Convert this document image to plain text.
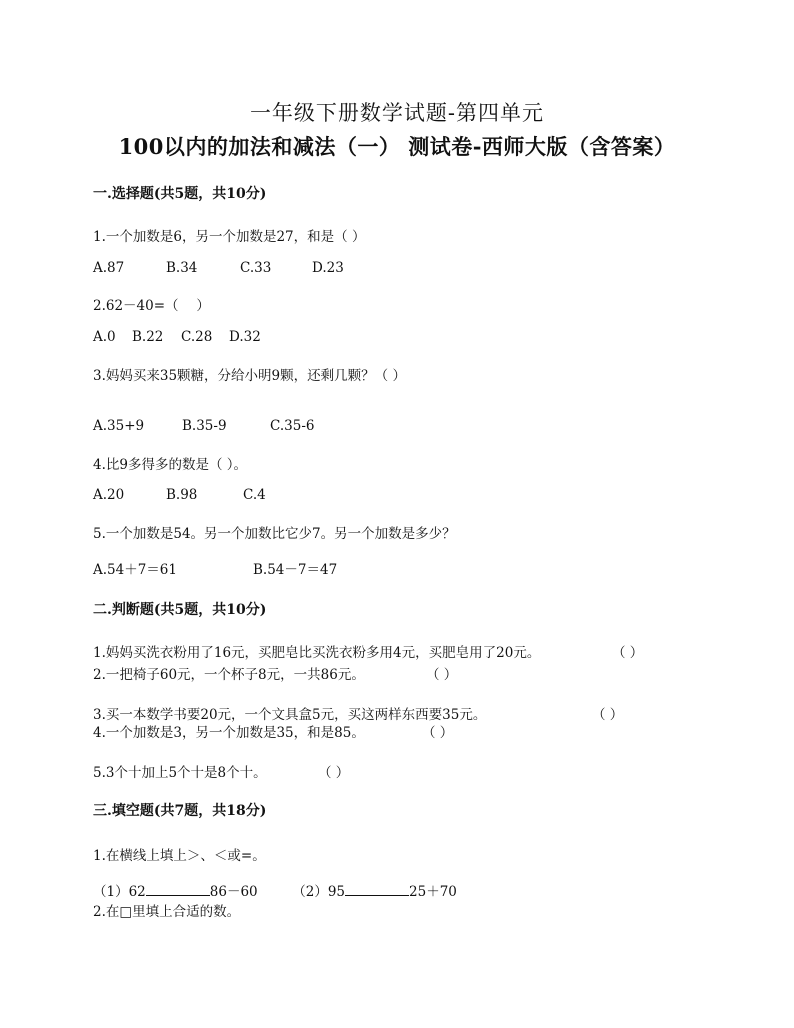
一年级下册数学试题-第四单元
100以内的加法和减法（一） 测试卷-西师大版（含答案）
一.选择题(共5题，共10分)
1.一个加数是6，另一个加数是27，和是（ ）
A.87	B.34	C.33	D.23
2.62－40=（　 ）
A.0 B.22 C.28 D.32
3.妈妈买来35颗糖，分给小明9颗，还剩几颗？（ ）
A.35+9	B.35-9	C.35-6
4.比9多得多的数是（ ）。
A.20	B.98	C.4
5.一个加数是54。另一个加数比它少7。另一个加数是多少？
A.54＋7＝61	B.54－7＝47
二.判断题(共5题，共10分)
1.妈妈买洗衣粉用了16元，买肥皂比买洗衣粉多用4元，买肥皂用了20元。	（ ）
2.一把椅子60元，一个杯子8元，一共86元。	（ ）
3.买一本数学书要20元，一个文具盒5元，买这两样东西要35元。	（ ）
4.一个加数是3，另一个加数是35，和是85。	（ ）
5.3个十加上5个十是8个十。	（ ）
三.填空题(共7题，共18分)
1.在横线上填上＞、＜或=。
（1）62	86－60	（2）95	25＋70
2.在□里填上合适的数。
